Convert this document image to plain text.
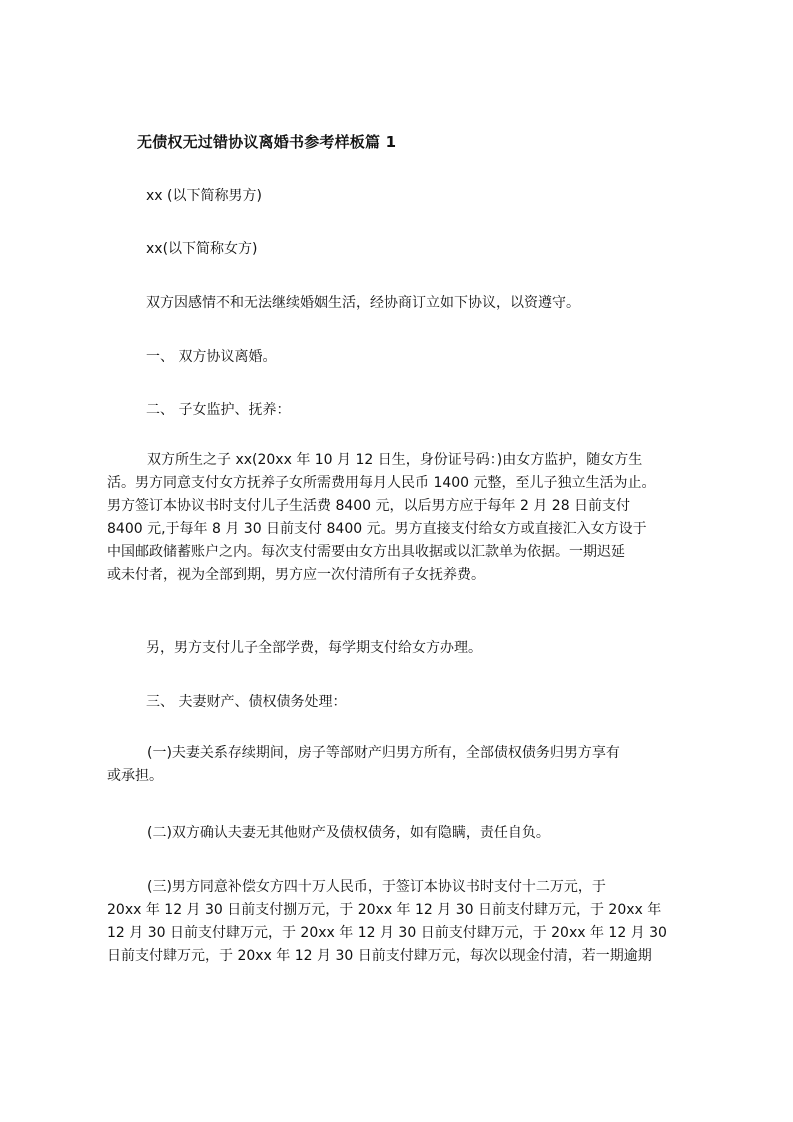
无债权无过错协议离婚书参考样板篇 1
xx (以下简称男方)
xx(以下简称女方)
双方因感情不和无法继续婚姻生活，经协商订立如下协议，以资遵守。
一、 双方协议离婚。
二、 子女监护、抚养：
双方所生之子 xx(20xx 年 10 月 12 日生，身份证号码：)由女方监护，随女方生
活。男方同意支付女方抚养子女所需费用每月人民币 1400 元整，至儿子独立生活为止。
男方签订本协议书时支付儿子生活费 8400 元，以后男方应于每年 2 月 28 日前支付
8400 元,于每年 8 月 30 日前支付 8400 元。男方直接支付给女方或直接汇入女方设于
中国邮政储蓄账户之内。每次支付需要由女方出具收据或以汇款单为依据。一期迟延
或未付者，视为全部到期，男方应一次付清所有子女抚养费。
另，男方支付儿子全部学费，每学期支付给女方办理。
三、 夫妻财产、债权债务处理：
(一)夫妻关系存续期间，房子等部财产归男方所有，全部债权债务归男方享有
或承担。
(二)双方确认夫妻无其他财产及债权债务，如有隐瞒，责任自负。
(三)男方同意补偿女方四十万人民币，于签订本协议书时支付十二万元，于
20xx 年 12 月 30 日前支付捌万元，于 20xx 年 12 月 30 日前支付肆万元，于 20xx 年
12 月 30 日前支付肆万元，于 20xx 年 12 月 30 日前支付肆万元，于 20xx 年 12 月 30
日前支付肆万元，于 20xx 年 12 月 30 日前支付肆万元，每次以现金付清，若一期逾期
